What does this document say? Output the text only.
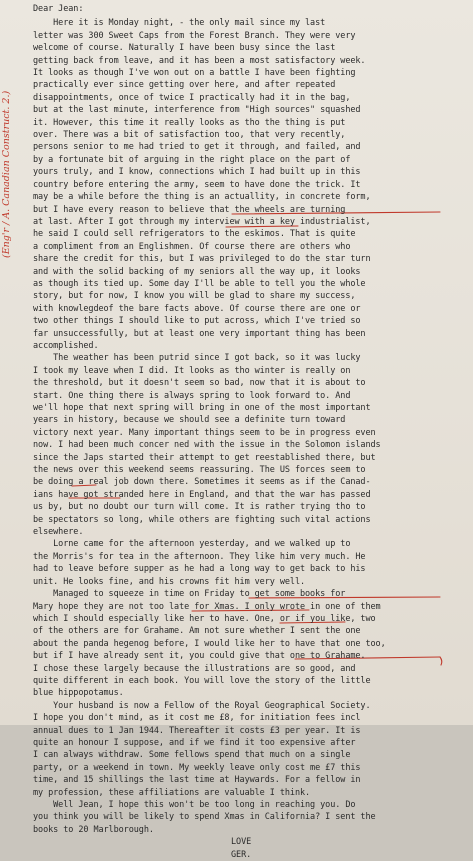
(Eng'r / A. Canadian Construct. 2.)

Dear Jean:

Here it is Monday night, - the only mail since my last

letter was 300 Sweet Caps from the Forest Branch. They were very

welcome of course. Naturally I have been busy since the last

getting back from leave, and it has been a most satisfactory week.

It looks as though I've won out on a battle I have been fighting

practically ever since getting over here, and after repeated

disappointments, once of twice I practically had it in the bag,

but at the last minute, interference from "High sources" squashed

it. However, this time it really looks as tho the thing is put

over. There was a bit of satisfaction too, that very recently,

persons senior to me had tried to get it through, and failed, and

by a fortunate bit of arguing in the right place on the part of

yours truly, and I know, connections which I had built up in this

country before entering the army, seem to have done the trick. It

may be a while before the thing is an actuallity, in concrete form,

but I have every reason to believe that the wheels are turning

at last. After I got through my interview with a key industrialist,

he said I could sell refrigerators to the eskimos. That is quite

a compliment from an Englishmen. Of course there are others who

share the credit for this, but I was privileged to do the star turn

and with the solid backing of my seniors all the way up, it looks

as though its tied up. Some day I'll be able to tell you the whole

story, but for now, I know you will be glad to share my success,

with knowlegdeof the bare facts above. Of course there are one or

two other things I should like to put across, which I've tried so

far unsuccessfully, but at least one very important thing has been

accomplished.

The weather has been putrid since I got back, so it was lucky

I took my leave when I did. It looks as tho winter is really on

the threshold, but it doesn't seem so bad, now that it is about to

start. One thing there is always spring to look forward to. And

we'll hope that next spring will bring in one of the most important

years in history, because we should see a definite turn toward

victory next year. Many important things seem to be in progress even

now. I had been much concer ned with the issue in the Solomon islands

since the Japs started their attempt to get reestablished there, but

the news over this weekend seems reassuring. The US forces seem to

be doing a real job down there. Sometimes it seems as if the Canad-

ians have got stranded here in England, and that the war has passed

us by, but no doubt our turn will come. It is rather trying tho to

be spectators so long, while others are fighting such vital actions

elsewhere.

Lorne came for the afternoon yesterday, and we walked up to

the Morris's for tea in the afternoon. They like him very much. He

had to leave before supper as he had a long way to get back to his

unit. He looks fine, and his crowns fit him very well.

Managed to squeeze in time on Friday to get some books for

Mary hope they are not too late for Xmas. I only wrote in one of them

which I should especially like her to have. One, or if you like, two

of the others are for Grahame. Am not sure whether I sent the one

about the panda hegenog before, I would like her to have that one too,

but if I have already sent it, you could give that one to Grahame.

I chose these largely because the illustrations are so good, and

quite different in each book. You will love the story of the little

blue hippopotamus.

Your husband is now a Fellow of the Royal Geographical Society.

I hope you don't mind, as it cost me £8, for initiation fees incl

annual dues to 1 Jan 1944. Thereafter it costs £3 per year. It is

quite an honour I suppose, and if we find it too expensive after

I can always withdraw. Some fellows spend that much on a single

party, or a weekend in town. My weekly leave only cost me £7 this

time, and 15 shillings the last time at Haywards. For a fellow in

my profession, these affiliations are valuable I think.

Well Jean, I hope this won't be too long in reaching you. Do

you think you will be likely to spend Xmas in California? I sent the

books to 20 Marlborough.

LOVE

GER.
